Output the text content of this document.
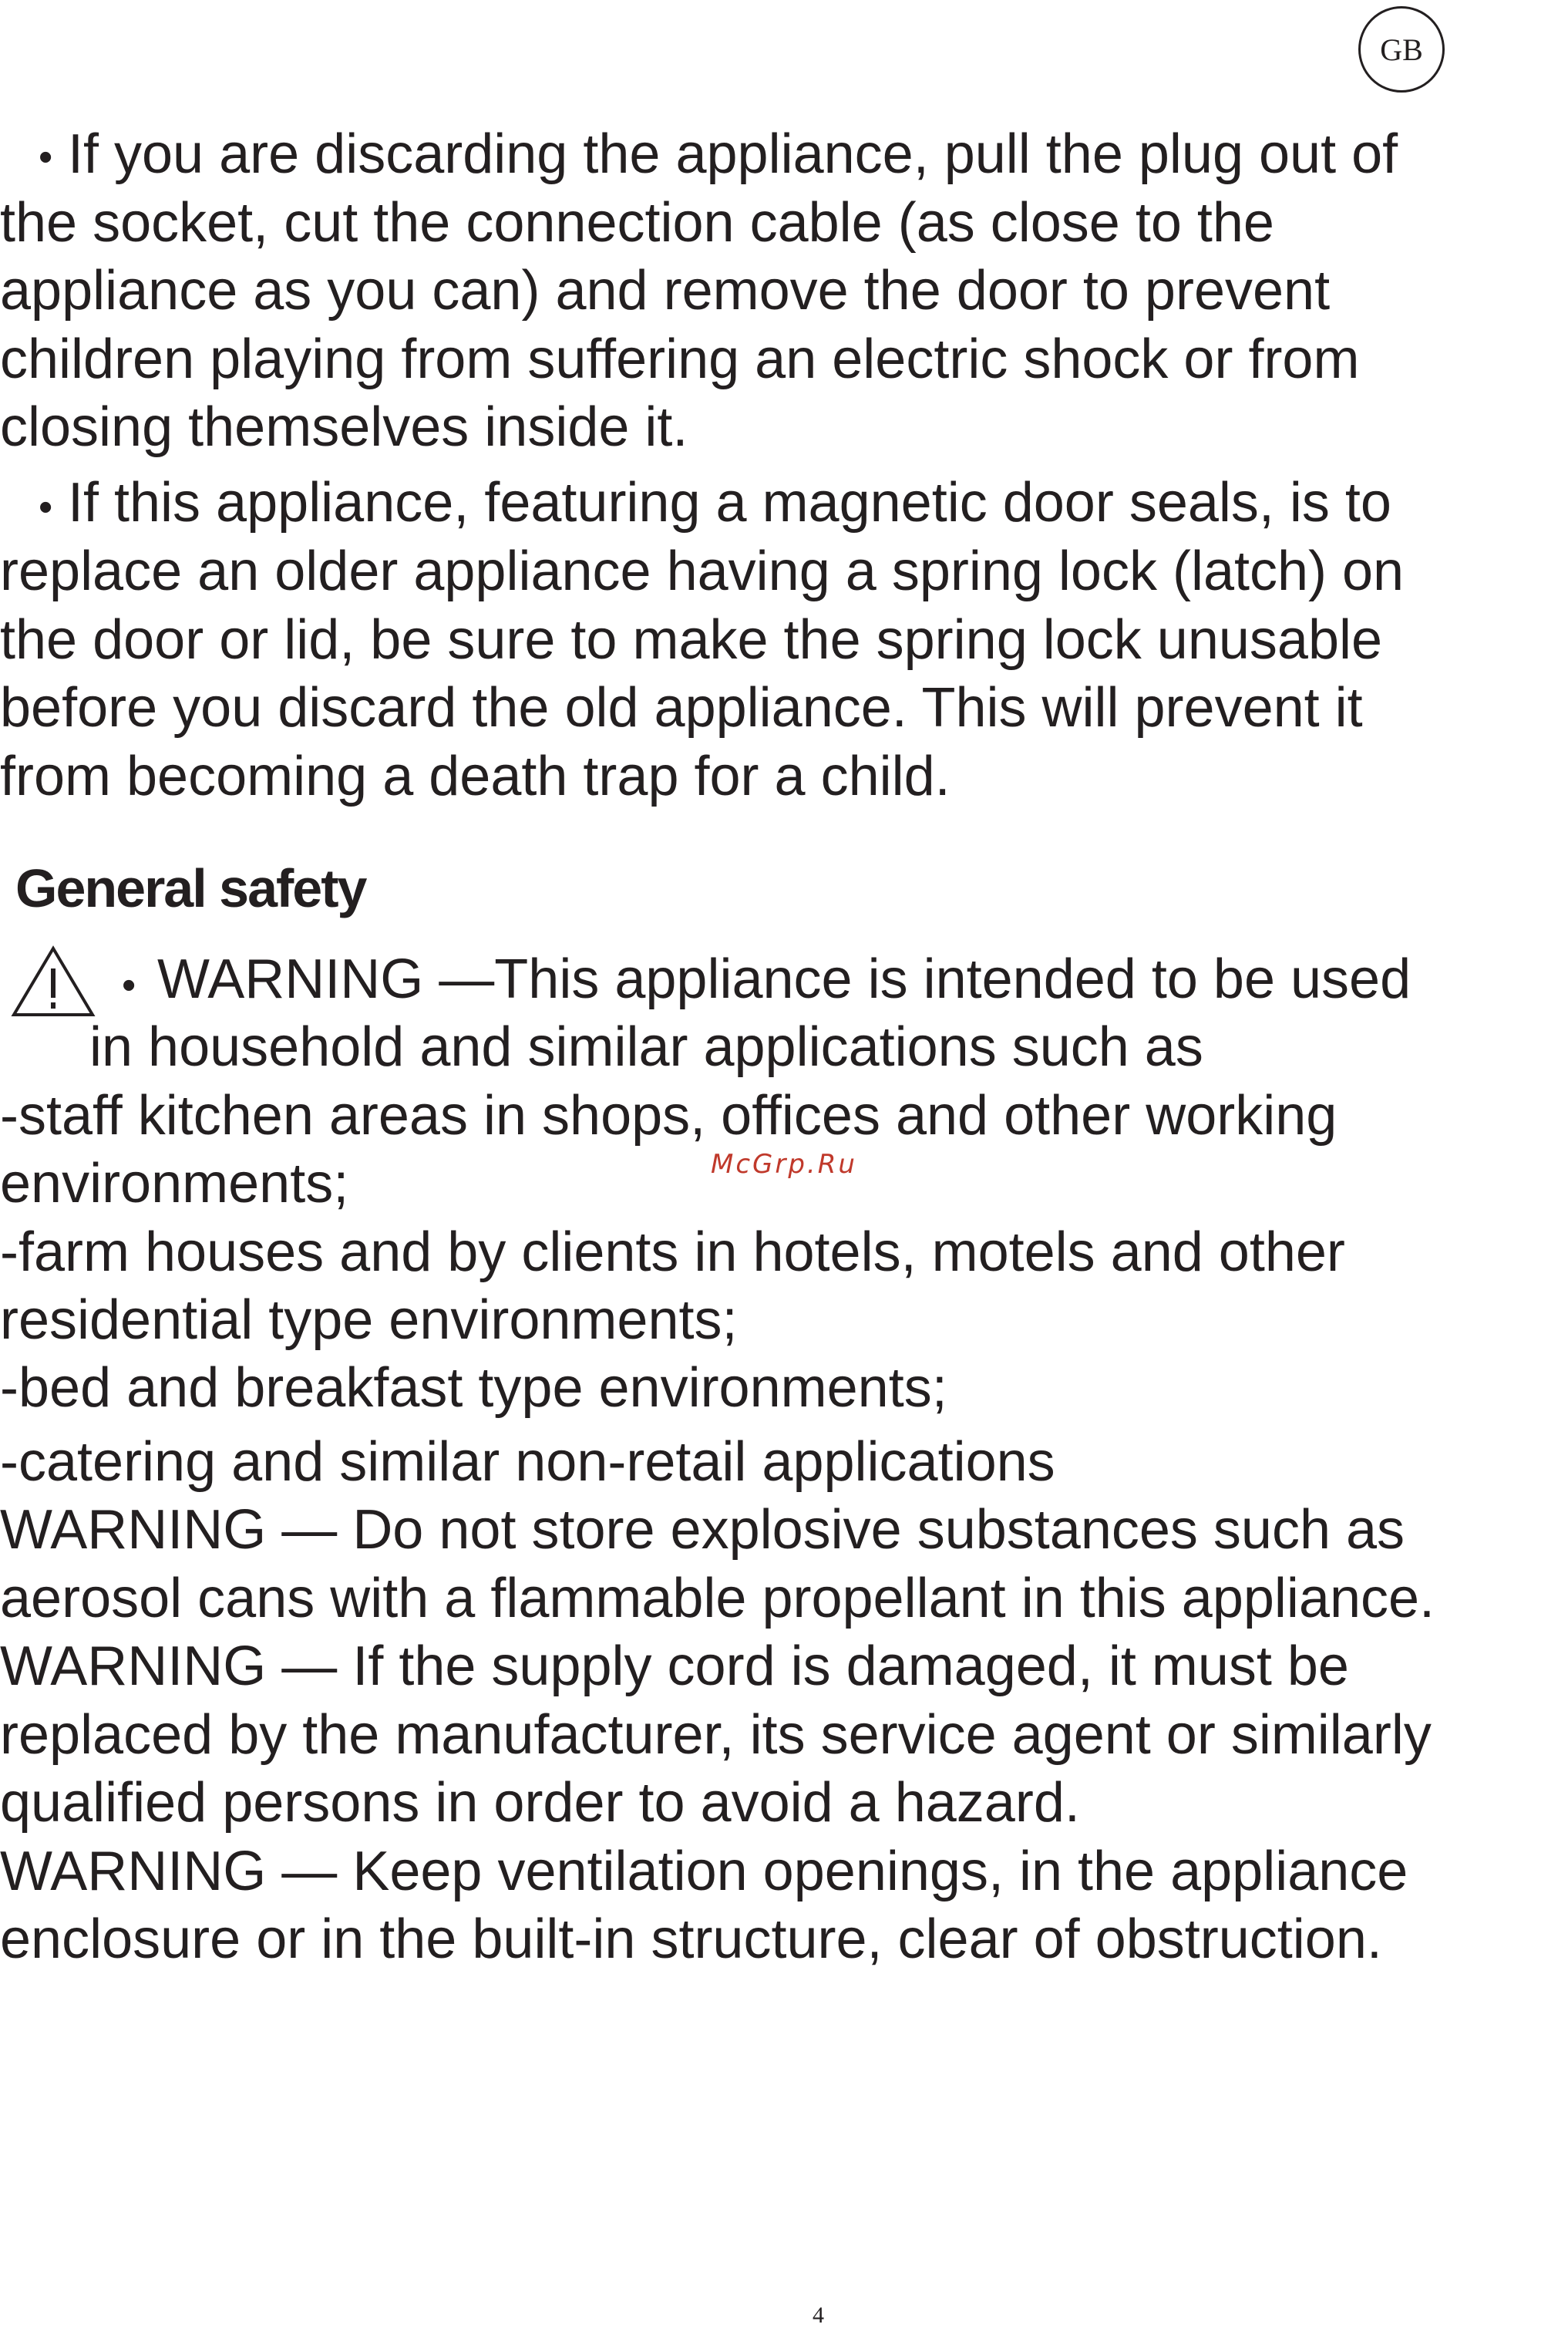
GB
• If you are discarding the appliance, pull the plug out of
the socket, cut the connection cable (as close to the
appliance as you can) and remove the door to prevent
children playing from suffering an electric shock or from
closing themselves inside it.
• If this appliance, featuring a magnetic door seals, is to
replace an older appliance having a spring lock (latch) on
the door or lid, be sure to make the spring lock unusable
before you discard the old appliance. This will prevent it
from becoming a death trap for a child.
General safety
• WARNING —This appliance is intended to be used
in household and similar applications such as
-staff kitchen areas in shops, offices and other working
environments;
-farm houses and by clients in hotels, motels and other
residential type environments;
-bed and breakfast type environments;
-catering and similar non-retail applications
WARNING — Do not store explosive substances such as
aerosol cans with a flammable propellant in this appliance.
WARNING — If the supply cord is damaged, it must be
replaced by the manufacturer, its service agent or similarly
qualified persons in order to avoid a hazard.
WARNING — Keep ventilation openings, in the appliance
enclosure or in the built-in structure, clear of obstruction.
McGrp.Ru
4
